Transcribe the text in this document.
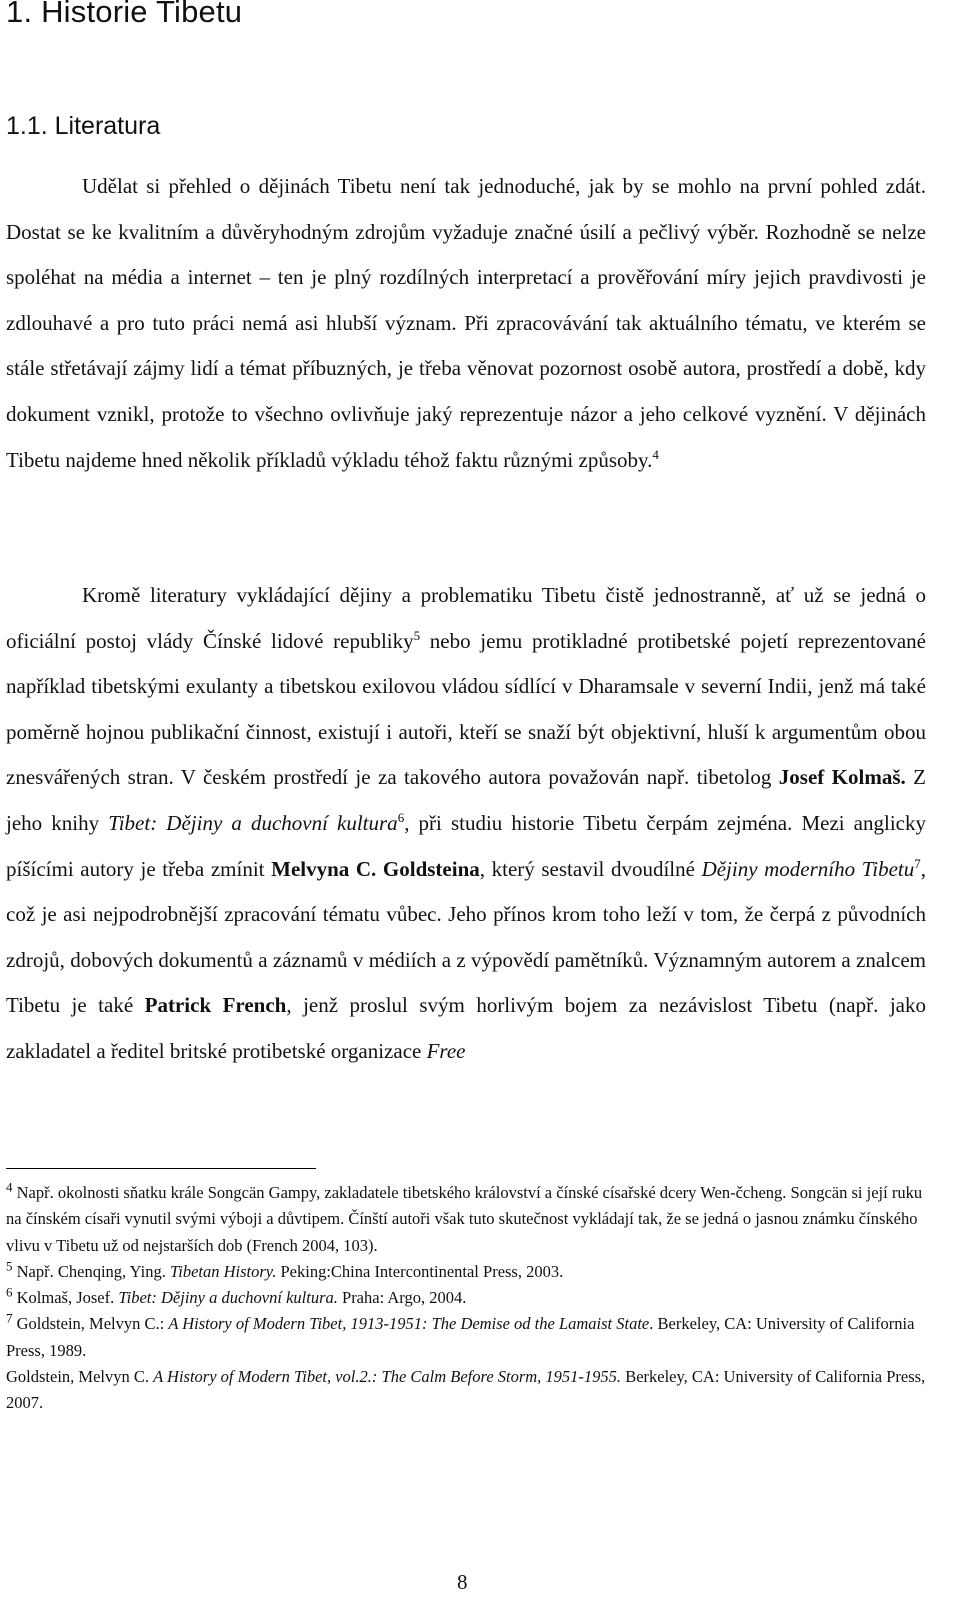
1. Historie Tibetu
1.1. Literatura

Udělat si přehled o dějinách Tibetu není tak jednoduché, jak by se mohlo na první pohled zdát. Dostat se ke kvalitním a důvěryhodným zdrojům vyžaduje značné úsilí a pečlivý výběr. Rozhodně se nelze spoléhat na média a internet – ten je plný rozdílných interpretací a prověřování míry jejich pravdivosti je zdlouhavé a pro tuto práci nemá asi hlubší význam. Při zpracovávání tak aktuálního tématu, ve kterém se stále střetávají zájmy lidí a témat příbuzných, je třeba věnovat pozornost osobě autora, prostředí a době, kdy dokument vznikl, protože to všechno ovlivňuje jaký reprezentuje názor a jeho celkové vyznění. V dějinách Tibetu najdeme hned několik příkladů výkladu téhož faktu různými způsoby.$^4$

Kromě literatury vykládající dějiny a problematiku Tibetu čistě jednostranně, ať už se jedná o oficiální postoj vlády Čínské lidové republiky$^5$ nebo jemu protikladné protibetské pojetí reprezentované například tibetskými exulanty a tibetskou exilovou vládou sídlící v Dharamsale v severní Indii, jenž má také poměrně hojnou publikační činnost, existují i autoři, kteří se snaží být objektivní, hluší k argumentům obou znesvářených stran. V českém prostředí je za takového autora považován např. tibetolog Josef Kolmaš. Z jeho knihy Tibet: Dějiny a duchovní kultura$^6$, při studiu historie Tibetu čerpám zejména. Mezi anglicky píšícími autory je třeba zmínit Melvyna C. Goldsteina, který sestavil dvoudílné Dějiny moderního Tibetu$^7$, což je asi nejpodrobnější zpracování tématu vůbec. Jeho přínos krom toho leží v tom, že čerpá z původních zdrojů, dobových dokumentů a záznamů v médiích a z výpovědí pamětníků. Významným autorem a znalcem Tibetu je také Patrick French, jenž proslul svým horlivým bojem za nezávislost Tibetu (např. jako zakladatel a ředitel britské protibetské organizace Free

$^4$ Např. okolnosti sňatku krále Songcän Gampy, zakladatele tibetského království a čínské císařské dcery Wen-čcheng. Songcän si její ruku na čínském císaři vynutil svými výboji a důvtipem. Čínští autoři však tuto skutečnost vykládají tak, že se jedná o jasnou známku čínského vlivu v Tibetu už od nejstarších dob (French 2004, 103).

$^5$ Např. Chenqing, Ying. Tibetan History. Peking:China Intercontinental Press, 2003.

$^6$ Kolmaš, Josef. Tibet: Dějiny a duchovní kultura. Praha: Argo, 2004.

$^7$ Goldstein, Melvyn C.: A History of Modern Tibet, 1913-1951: The Demise od the Lamaist State. Berkeley, CA: University of California Press, 1989.

Goldstein, Melvyn C. A History of Modern Tibet, vol.2.: The Calm Before Storm, 1951-1955. Berkeley, CA: University of California Press, 2007.

8
